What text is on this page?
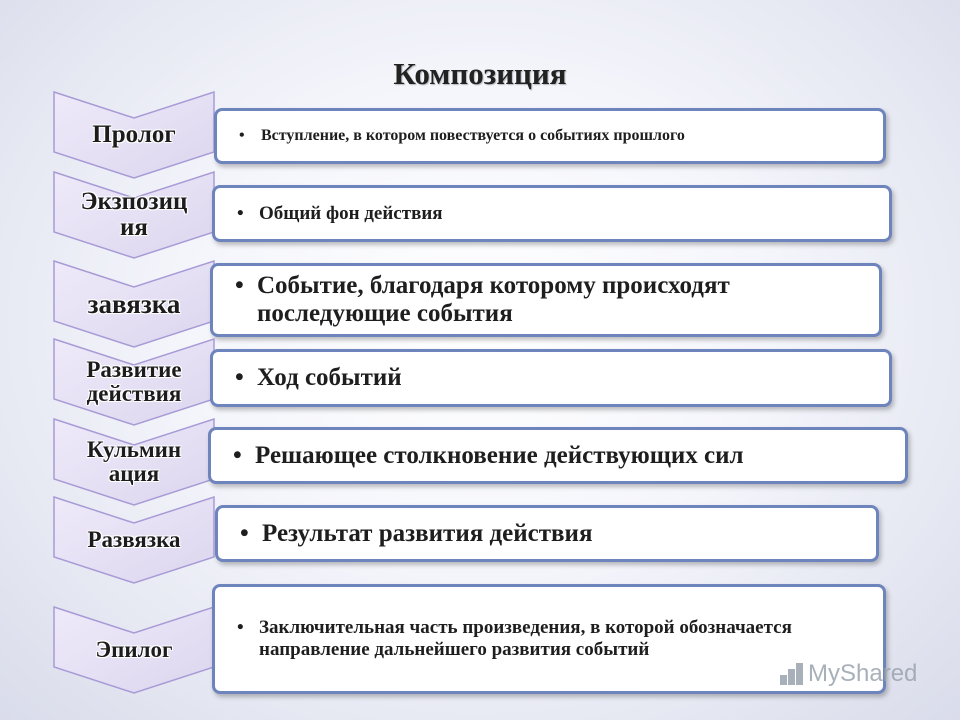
Композиция
Пролог	• Вступление, в котором повествуется о событиях прошлого
Экзпозиц
ия
• Общий фон действия
завязка
• Событие, благодаря которому происходят последующие события
Развитие
действия
• Ход событий
Кульмин
ация
• Решающее столкновение действующих сил
Развязка	• Результат развития действия
Эпилог
• Заключительная часть произведения, в которой обозначается направление дальнейшего развития событий
MyShared
